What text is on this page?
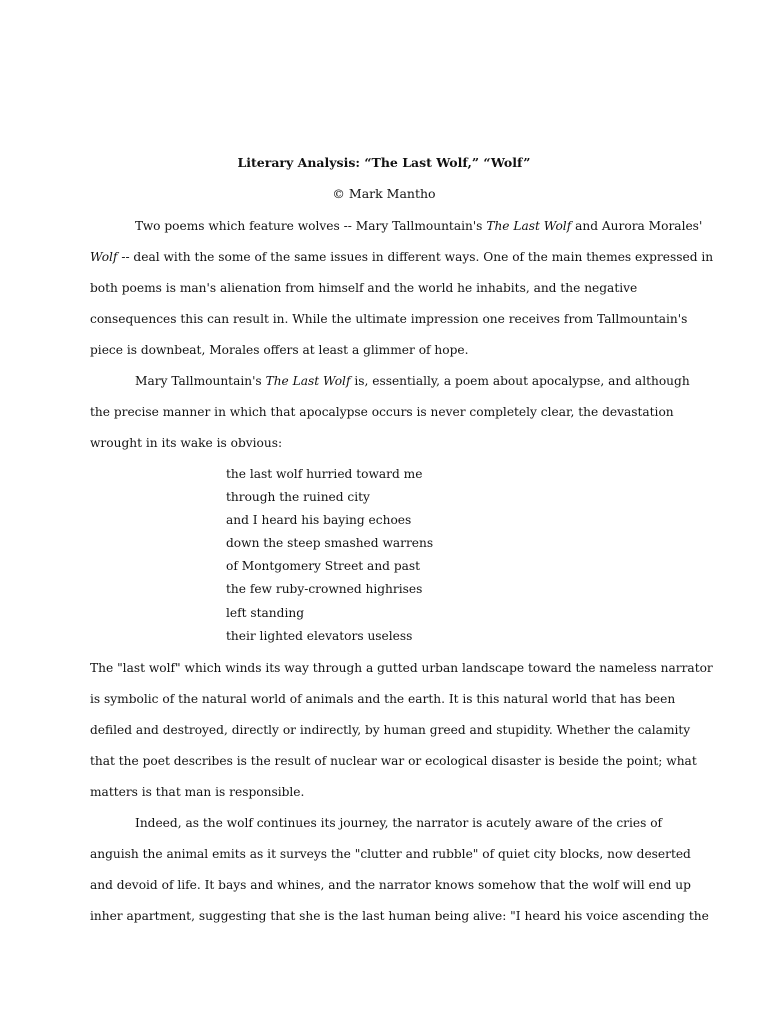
Literary Analysis: “The Last Wolf,” “Wolf”
© Mark Mantho
Two poems which feature wolves -- Mary Tallmountain's The Last Wolf and Aurora Morales'
Wolf -- deal with the some of the same issues in different ways. One of the main themes expressed in
both poems is man's alienation from himself and the world he inhabits, and the negative
consequences this can result in. While the ultimate impression one receives from Tallmountain's
piece is downbeat, Morales offers at least a glimmer of hope.
Mary Tallmountain's The Last Wolf is, essentially, a poem about apocalypse, and although
the precise manner in which that apocalypse occurs is never completely clear, the devastation
wrought in its wake is obvious:
the last wolf hurried toward me
through the ruined city
and I heard his baying echoes
down the steep smashed warrens
of Montgomery Street and past
the few ruby-crowned highrises
left standing
their lighted elevators useless
The "last wolf" which winds its way through a gutted urban landscape toward the nameless narrator
is symbolic of the natural world of animals and the earth. It is this natural world that has been
defiled and destroyed, directly or indirectly, by human greed and stupidity. Whether the calamity
that the poet describes is the result of nuclear war or ecological disaster is beside the point; what
matters is that man is responsible.
Indeed, as the wolf continues its journey, the narrator is acutely aware of the cries of
anguish the animal emits as it surveys the "clutter and rubble" of quiet city blocks, now deserted
and devoid of life. It bays and whines, and the narrator knows somehow that the wolf will end up
inher apartment, suggesting that she is the last human being alive: "I heard his voice ascending the
